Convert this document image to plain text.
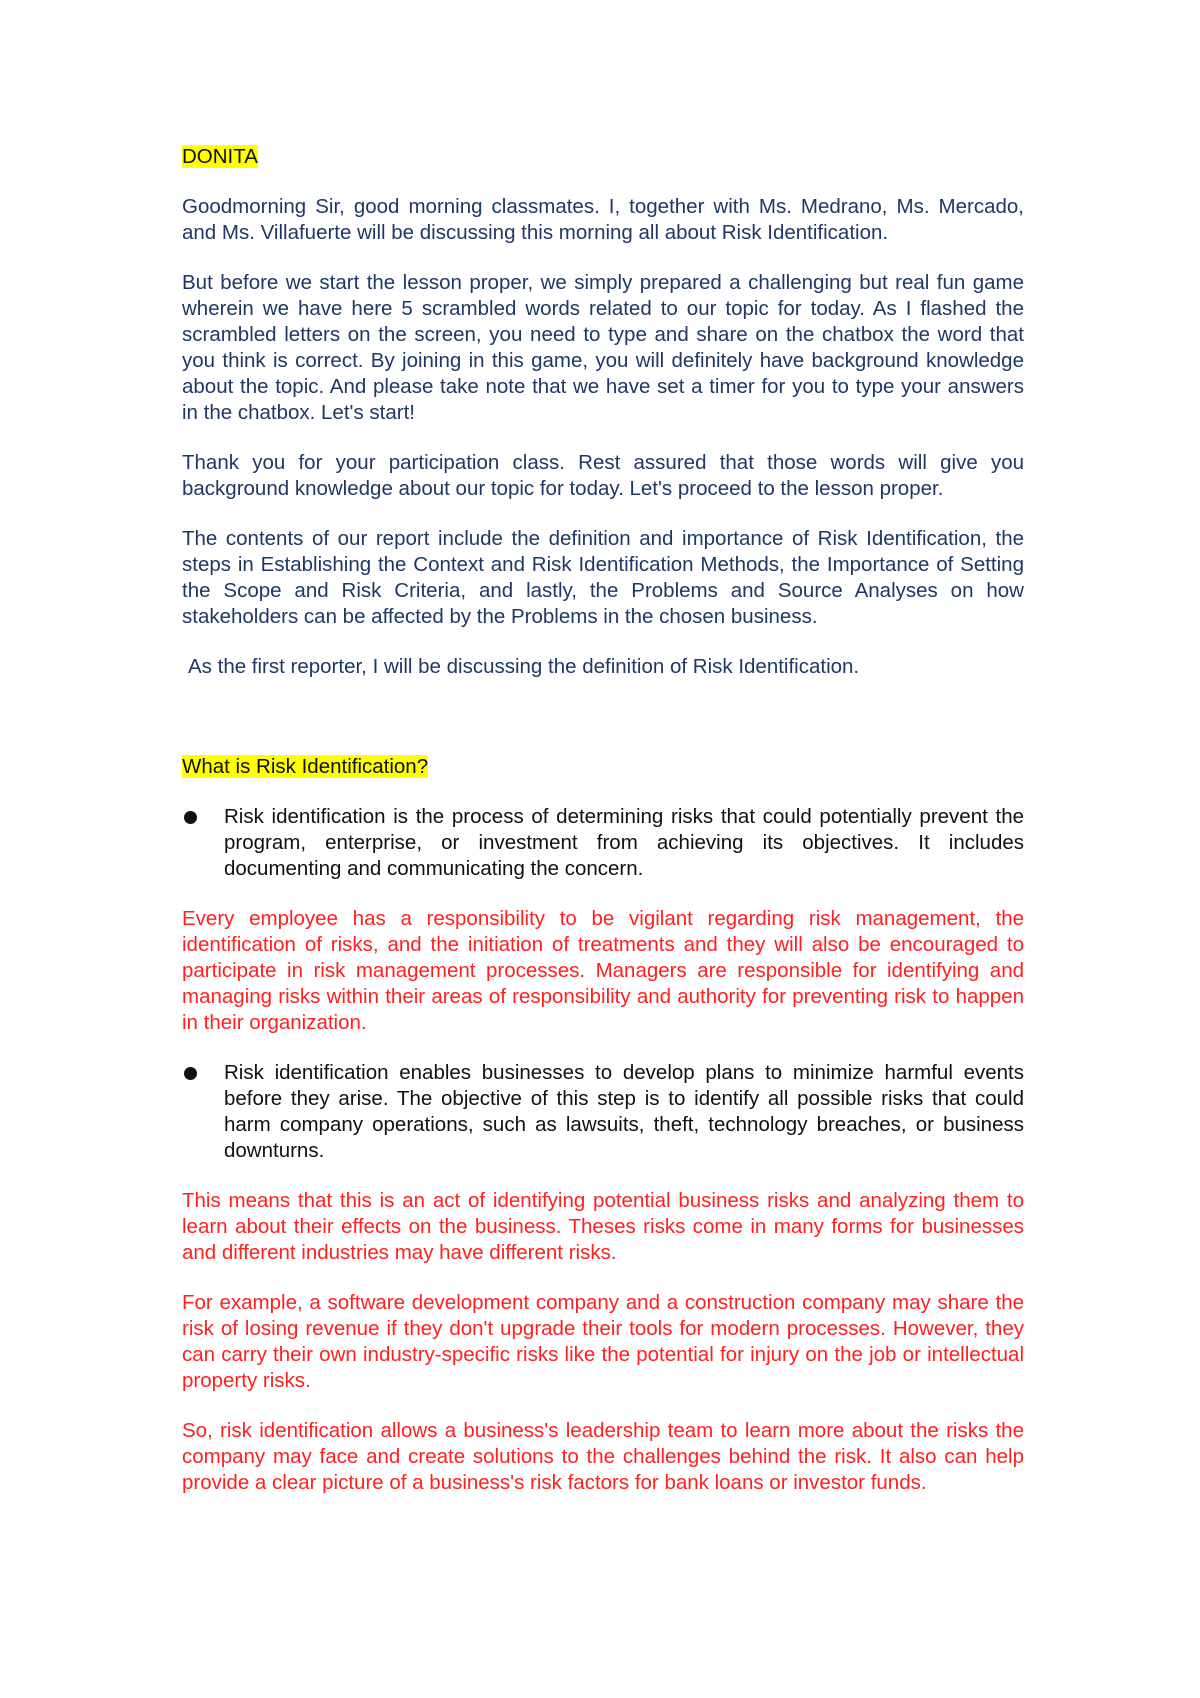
DONITA

Goodmorning Sir, good morning classmates. I, together with Ms. Medrano, Ms. Mercado, and Ms. Villafuerte will be discussing this morning all about Risk Identification.

But before we start the lesson proper, we simply prepared a challenging but real fun game wherein we have here 5 scrambled words related to our topic for today. As I flashed the scrambled letters on the screen, you need to type and share on the chatbox the word that you think is correct. By joining in this game, you will definitely have background knowledge about the topic. And please take note that we have set a timer for you to type your answers in the chatbox. Let's start!

Thank you for your participation class. Rest assured that those words will give you background knowledge about our topic for today. Let's proceed to the lesson proper.

The contents of our report include the definition and importance of Risk Identification, the steps in Establishing the Context and Risk Identification Methods, the Importance of Setting the Scope and Risk Criteria, and lastly, the Problems and Source Analyses on how stakeholders can be affected by the Problems in the chosen business.

As the first reporter, I will be discussing the definition of Risk Identification.

What is Risk Identification?
Risk identification is the process of determining risks that could potentially prevent the program, enterprise, or investment from achieving its objectives. It includes documenting and communicating the concern.

Every employee has a responsibility to be vigilant regarding risk management, the identification of risks, and the initiation of treatments and they will also be encouraged to participate in risk management processes. Managers are responsible for identifying and managing risks within their areas of responsibility and authority for preventing risk to happen in their organization.

Risk identification enables businesses to develop plans to minimize harmful events before they arise. The objective of this step is to identify all possible risks that could harm company operations, such as lawsuits, theft, technology breaches, or business downturns.

This means that this is an act of identifying potential business risks and analyzing them to learn about their effects on the business. Theses risks come in many forms for businesses and different industries may have different risks.

For example, a software development company and a construction company may share the risk of losing revenue if they don't upgrade their tools for modern processes. However, they can carry their own industry-specific risks like the potential for injury on the job or intellectual property risks.

So, risk identification allows a business's leadership team to learn more about the risks the company may face and create solutions to the challenges behind the risk. It also can help provide a clear picture of a business's risk factors for bank loans or investor funds.
